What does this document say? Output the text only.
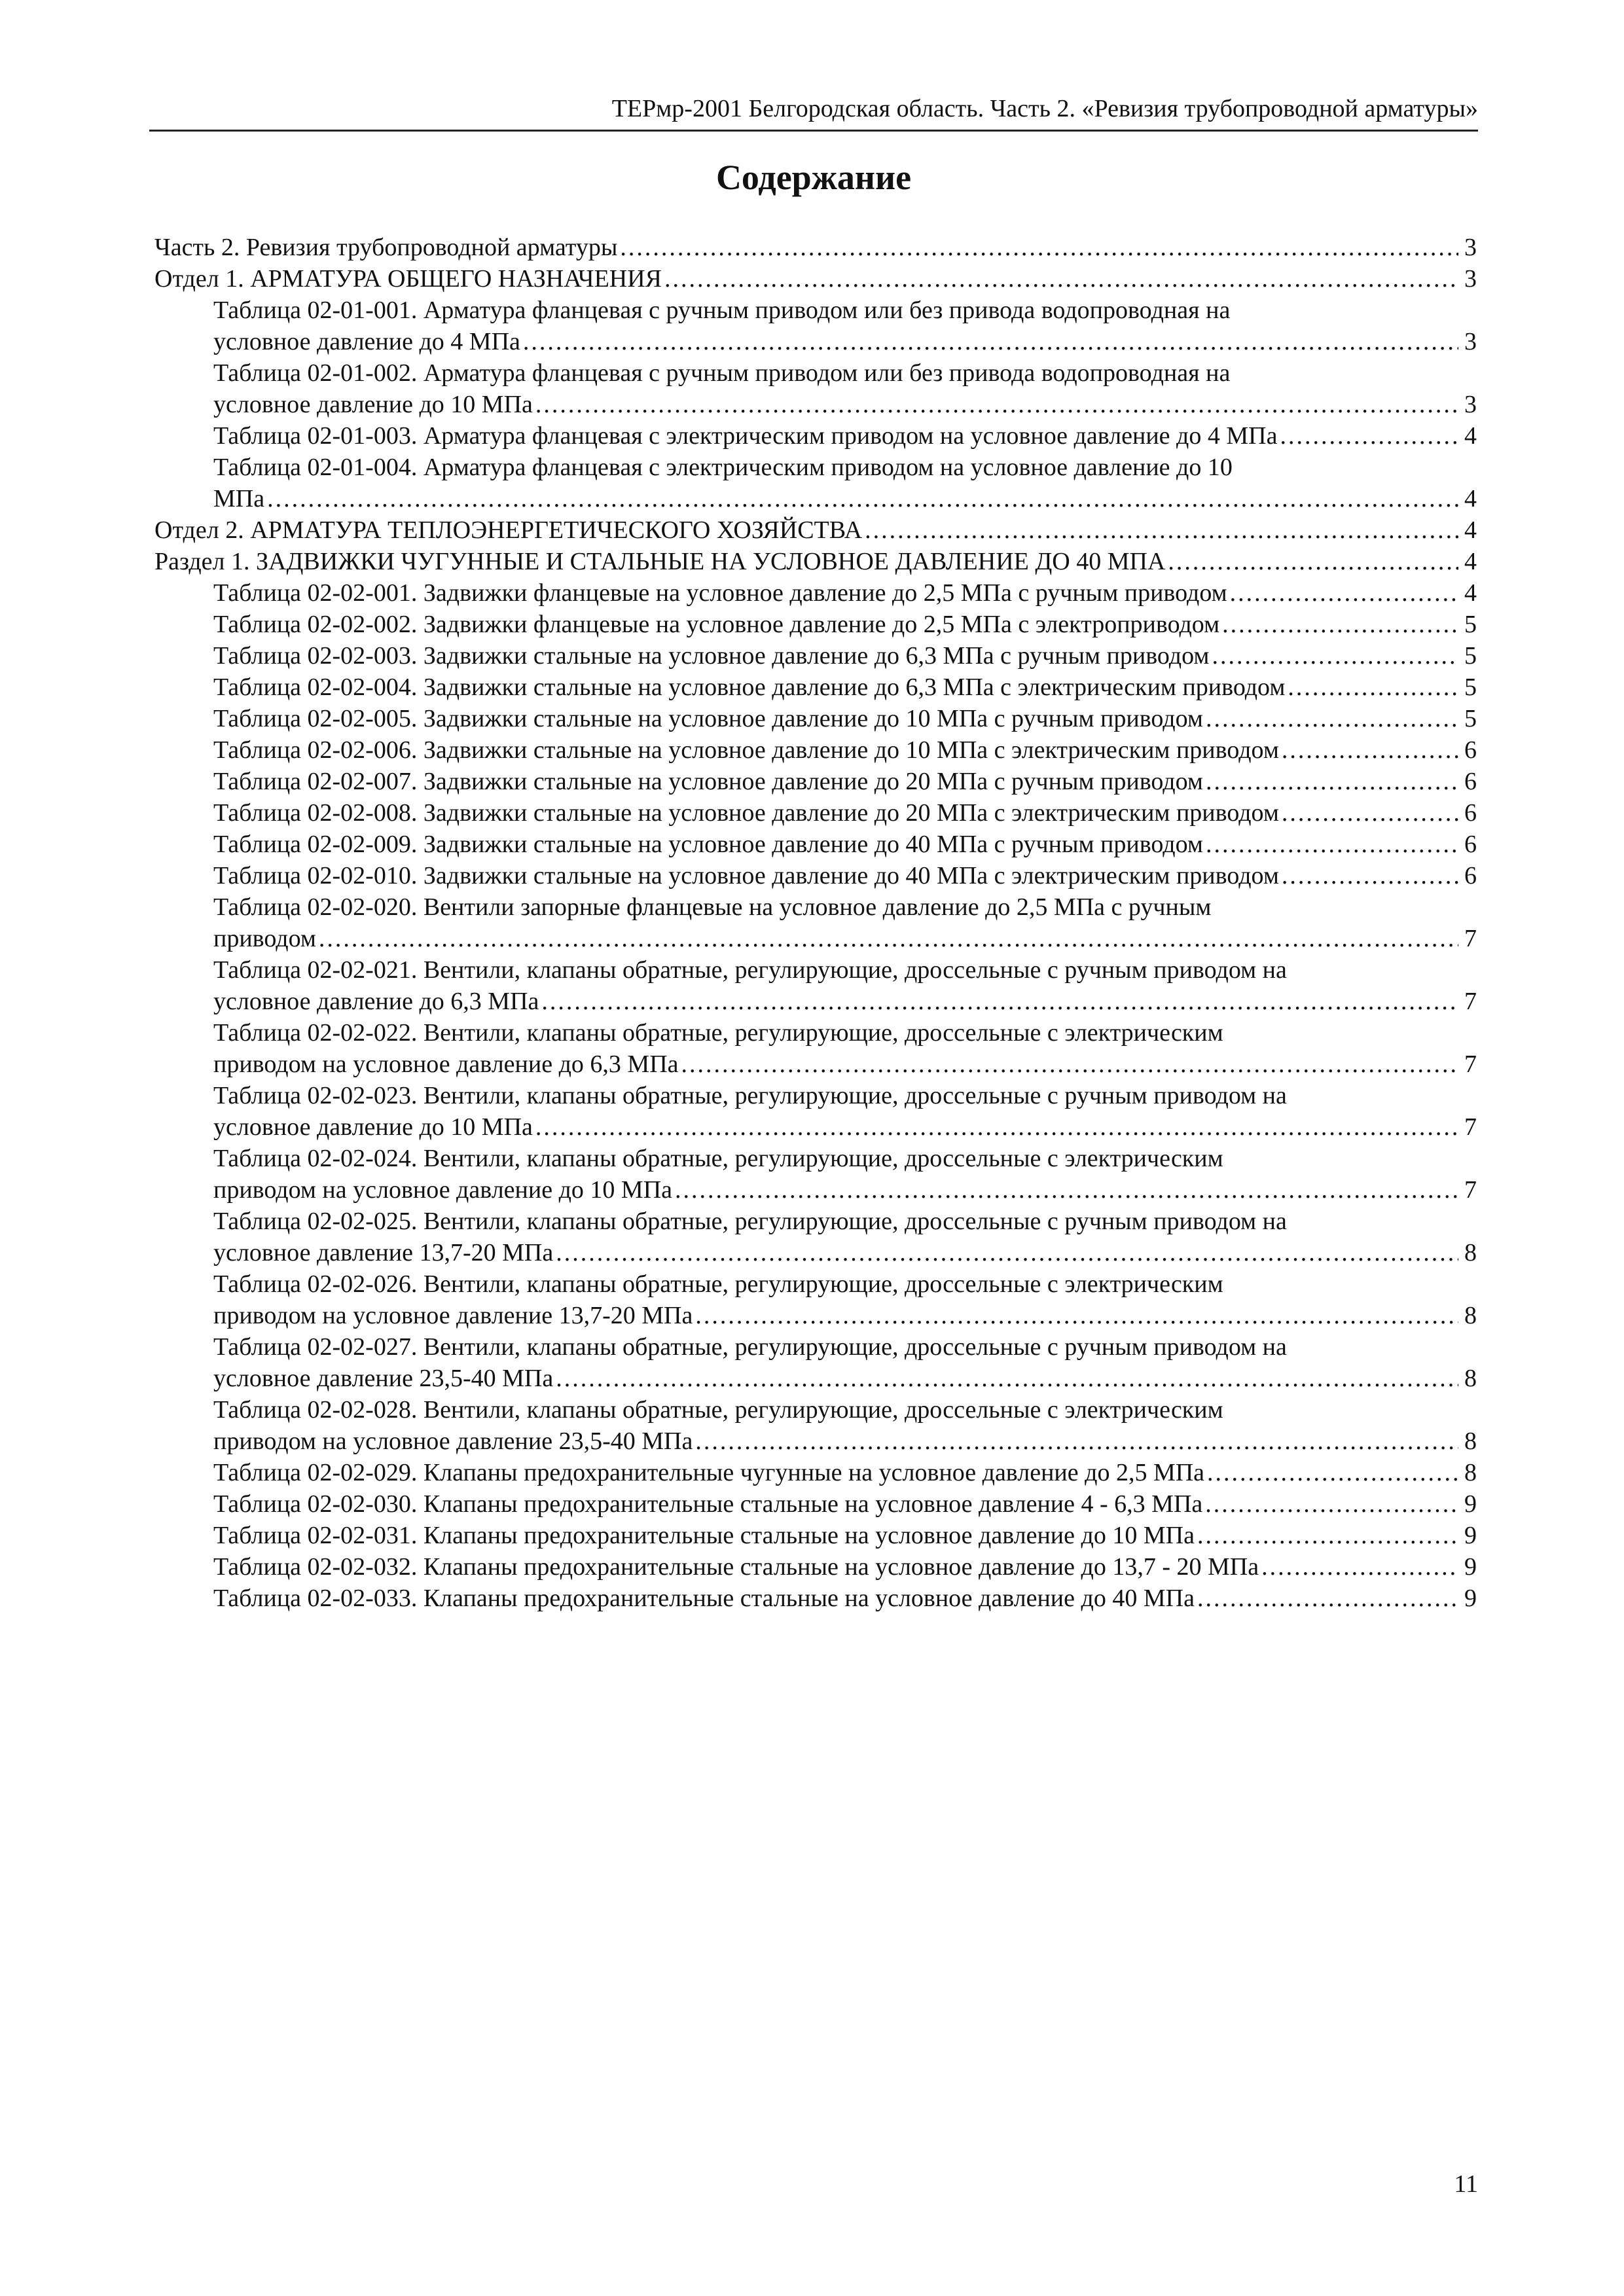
ТЕРмр-2001 Белгородская область. Часть 2. «Ревизия трубопроводной арматуры»
Содержание
Часть 2. Ревизия трубопроводной арматуры .....	3
Отдел 1. АРМАТУРА ОБЩЕГО НАЗНАЧЕНИЯ .....	3
Таблица 02-01-001. Арматура фланцевая с ручным приводом или без привода водопроводная на
условное давление до 4 МПа .....	3
Таблица 02-01-002. Арматура фланцевая с ручным приводом или без привода водопроводная на
условное давление до 10 МПа .....	3
Таблица 02-01-003. Арматура фланцевая с электрическим приводом на условное давление до 4 МПа .....	4
Таблица 02-01-004. Арматура фланцевая с электрическим приводом на условное давление до 10
МПа .....	4
Отдел 2. АРМАТУРА ТЕПЛОЭНЕРГЕТИЧЕСКОГО ХОЗЯЙСТВА .....	4
Раздел 1. ЗАДВИЖКИ ЧУГУННЫЕ И СТАЛЬНЫЕ НА УСЛОВНОЕ ДАВЛЕНИЕ ДО 40 МПА .....	4
Таблица 02-02-001. Задвижки фланцевые на условное давление до 2,5 МПа с ручным приводом .....	4
Таблица 02-02-002. Задвижки фланцевые на условное давление до 2,5 МПа с электроприводом .....	5
Таблица 02-02-003. Задвижки стальные на условное давление до 6,3 МПа с ручным приводом .....	5
Таблица 02-02-004. Задвижки стальные на условное давление до 6,3 МПа с электрическим приводом .....	5
Таблица 02-02-005. Задвижки стальные на условное давление до 10 МПа с ручным приводом .....	5
Таблица 02-02-006. Задвижки стальные на условное давление до 10 МПа с электрическим приводом .....	6
Таблица 02-02-007. Задвижки стальные на условное давление до 20 МПа с ручным приводом .....	6
Таблица 02-02-008. Задвижки стальные на условное давление до 20 МПа с электрическим приводом .....	6
Таблица 02-02-009. Задвижки стальные на условное давление до 40 МПа с ручным приводом .....	6
Таблица 02-02-010. Задвижки стальные на условное давление до 40 МПа с электрическим приводом .....	6
Таблица 02-02-020. Вентили запорные фланцевые на условное давление до 2,5 МПа с ручным
приводом .....	7
Таблица 02-02-021. Вентили, клапаны обратные, регулирующие, дроссельные с ручным приводом на
условное давление до 6,3 МПа .....	7
Таблица 02-02-022. Вентили, клапаны обратные, регулирующие, дроссельные с электрическим
приводом на условное давление до 6,3 МПа .....	7
Таблица 02-02-023. Вентили, клапаны обратные, регулирующие, дроссельные с ручным приводом на
условное давление до 10 МПа .....	7
Таблица 02-02-024. Вентили, клапаны обратные, регулирующие, дроссельные с электрическим
приводом на условное давление до 10 МПа .....	7
Таблица 02-02-025. Вентили, клапаны обратные, регулирующие, дроссельные с ручным приводом на
условное давление 13,7-20 МПа .....	8
Таблица 02-02-026. Вентили, клапаны обратные, регулирующие, дроссельные с электрическим
приводом на условное давление 13,7-20 МПа .....	8
Таблица 02-02-027. Вентили, клапаны обратные, регулирующие, дроссельные с ручным приводом на
условное давление 23,5-40 МПа .....	8
Таблица 02-02-028. Вентили, клапаны обратные, регулирующие, дроссельные с электрическим
приводом на условное давление 23,5-40 МПа .....	8
Таблица 02-02-029. Клапаны предохранительные чугунные на условное давление до 2,5 МПа .....	8
Таблица 02-02-030. Клапаны предохранительные стальные на условное давление 4 - 6,3 МПа .....	9
Таблица 02-02-031. Клапаны предохранительные стальные на условное давление до 10 МПа .....	9
Таблица 02-02-032. Клапаны предохранительные стальные на условное давление до 13,7 - 20 МПа .....	9
Таблица 02-02-033. Клапаны предохранительные стальные на условное давление до 40 МПа .....	9
11
